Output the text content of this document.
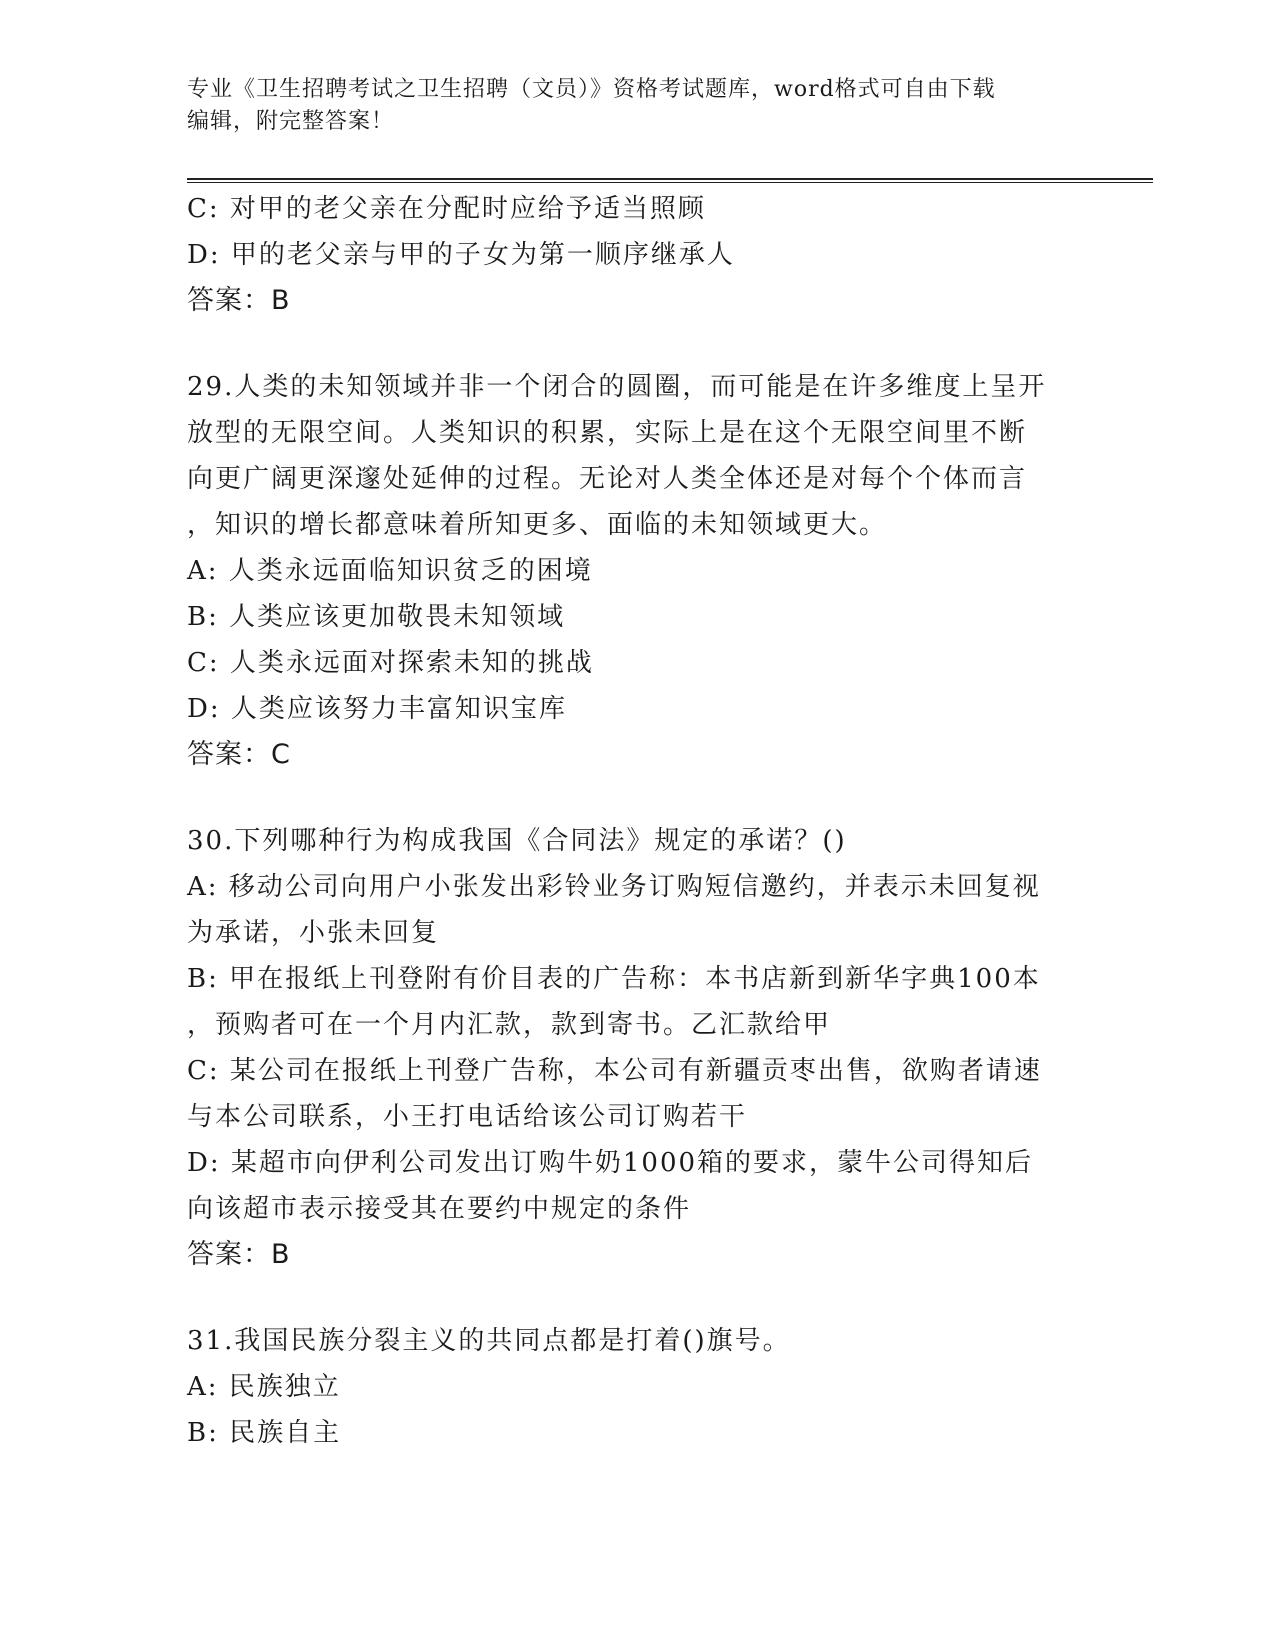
专业《卫生招聘考试之卫生招聘（文员）》资格考试题库，word格式可自由下载
编辑，附完整答案！
C: 对甲的老父亲在分配时应给予适当照顾
D: 甲的老父亲与甲的子女为第一顺序继承人
答案：B
29.人类的未知领域并非一个闭合的圆圈，而可能是在许多维度上呈开
放型的无限空间。人类知识的积累，实际上是在这个无限空间里不断
向更广阔更深邃处延伸的过程。无论对人类全体还是对每个个体而言
，知识的增长都意味着所知更多、面临的未知领域更大。
A: 人类永远面临知识贫乏的困境
B: 人类应该更加敬畏未知领域
C: 人类永远面对探索未知的挑战
D: 人类应该努力丰富知识宝库
答案：C
30.下列哪种行为构成我国《合同法》规定的承诺？()
A: 移动公司向用户小张发出彩铃业务订购短信邀约，并表示未回复视
为承诺，小张未回复
B: 甲在报纸上刊登附有价目表的广告称：本书店新到新华字典100本
，预购者可在一个月内汇款，款到寄书。乙汇款给甲
C: 某公司在报纸上刊登广告称，本公司有新疆贡枣出售，欲购者请速
与本公司联系，小王打电话给该公司订购若干
D: 某超市向伊利公司发出订购牛奶1000箱的要求，蒙牛公司得知后
向该超市表示接受其在要约中规定的条件
答案：B
31.我国民族分裂主义的共同点都是打着()旗号。
A: 民族独立
B: 民族自主
